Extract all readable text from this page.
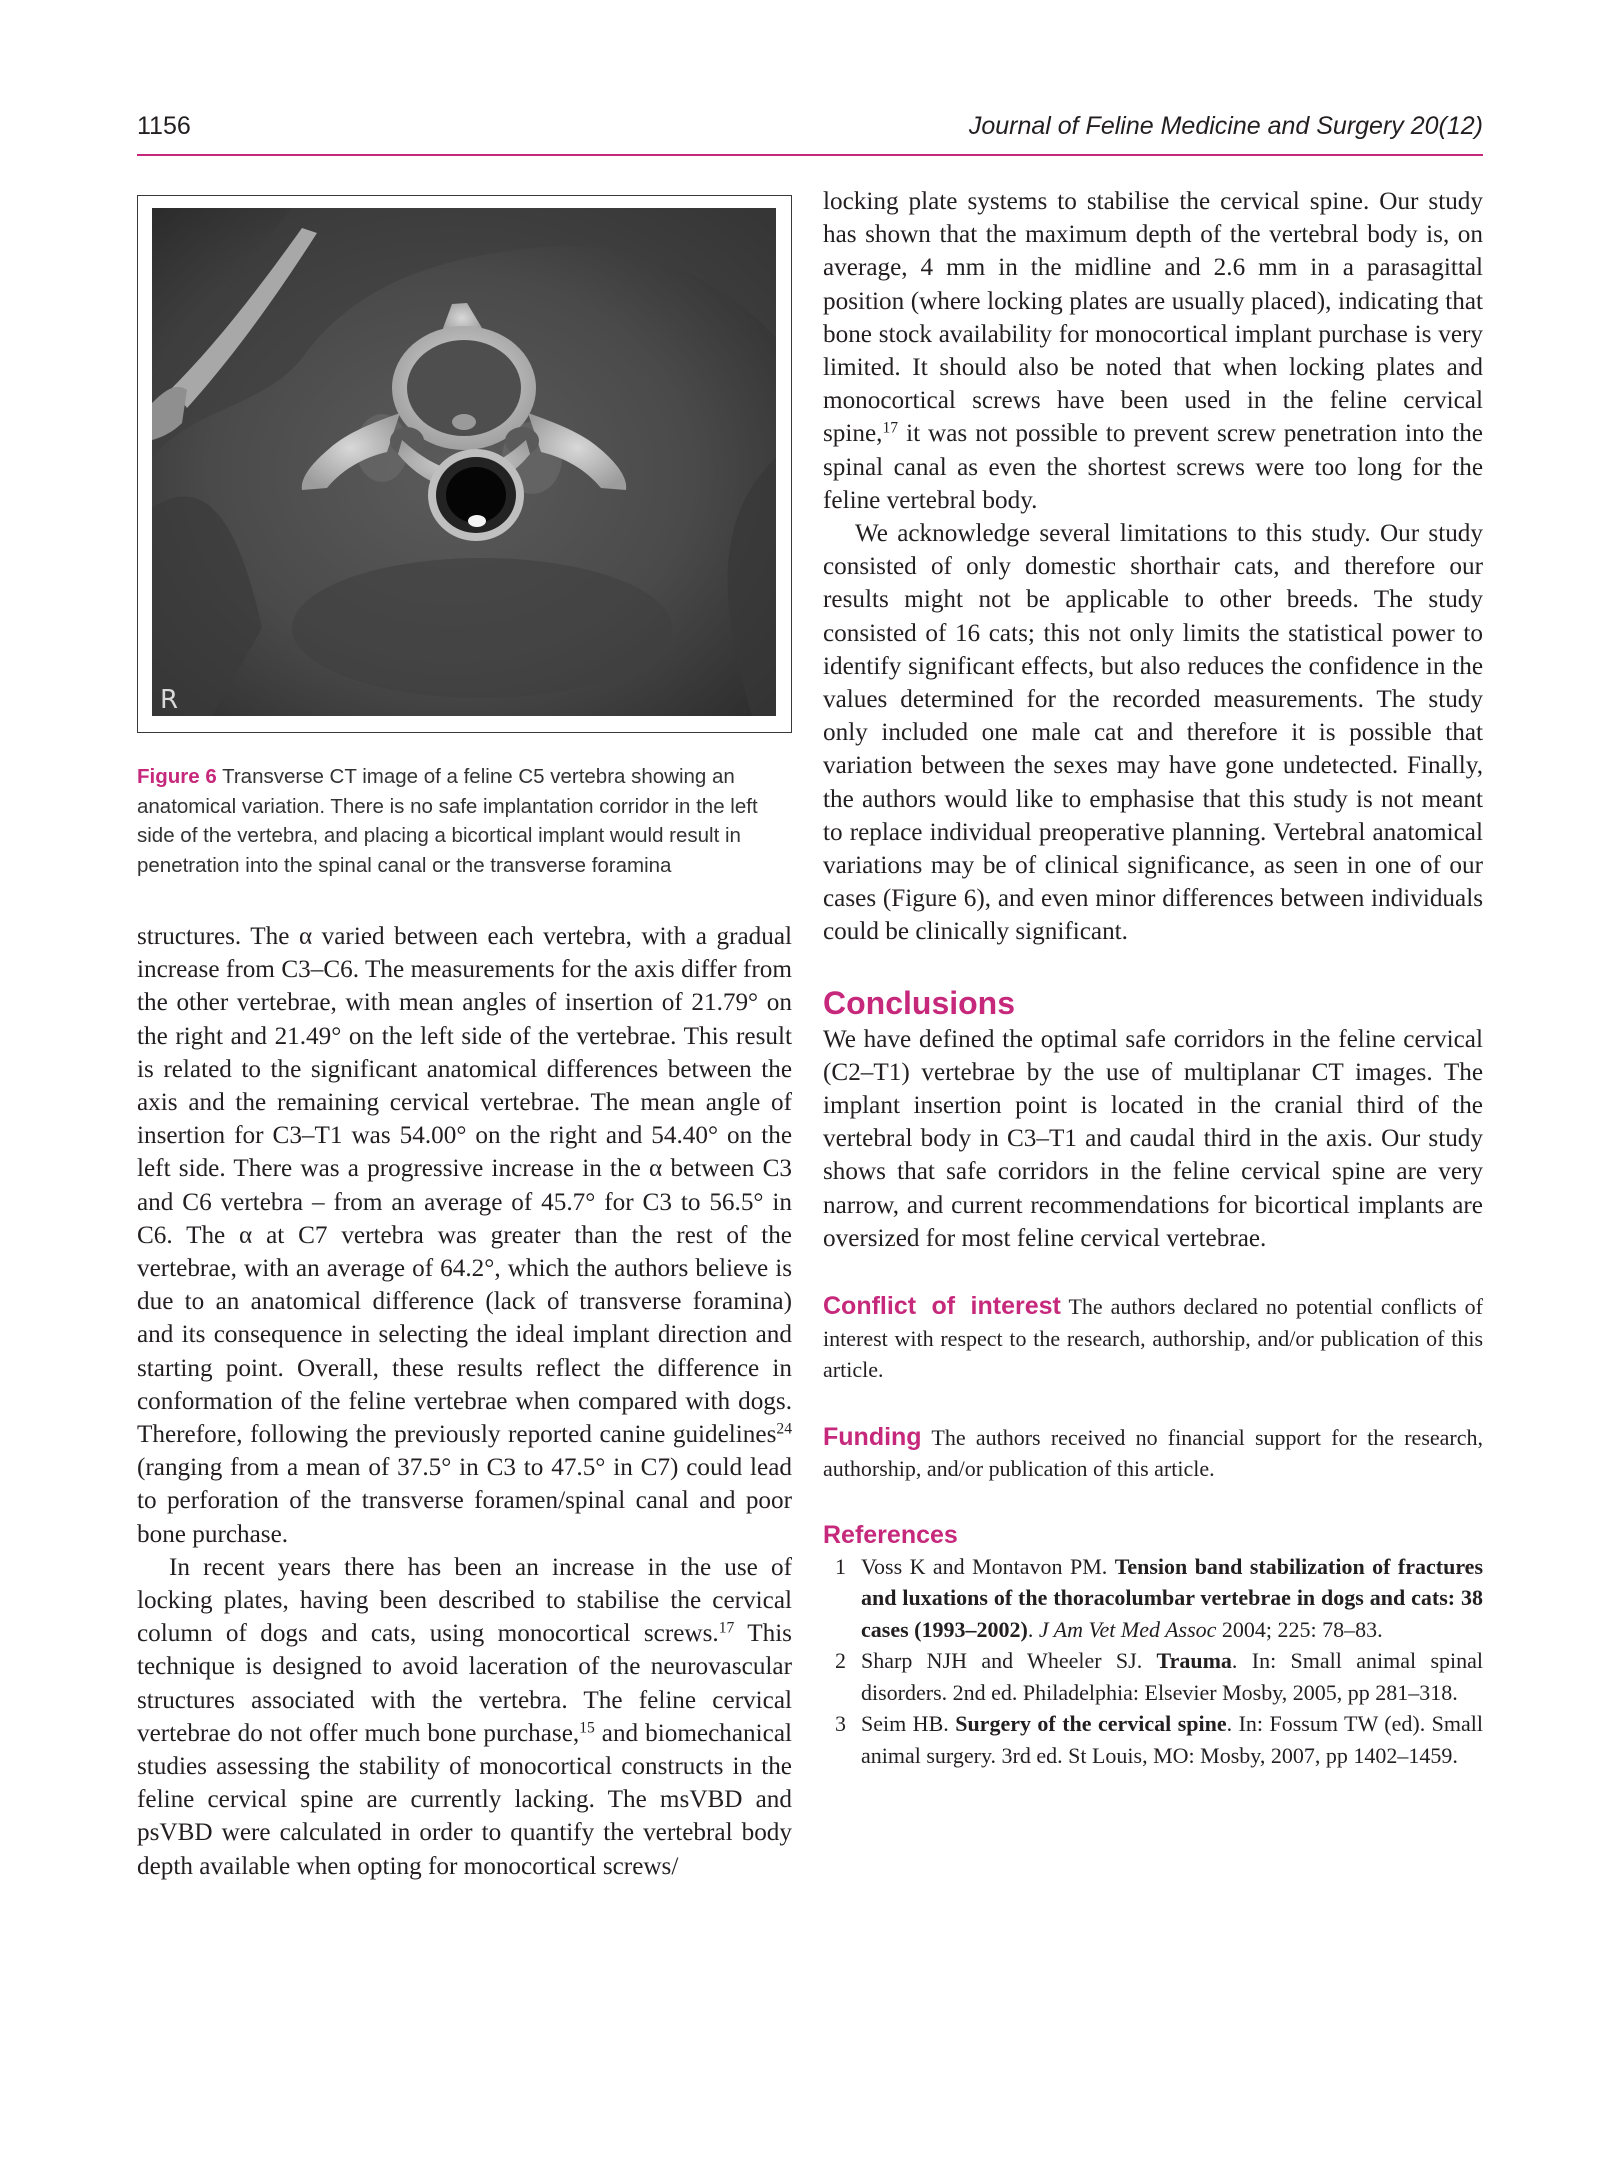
1156	Journal of Feline Medicine and Surgery 20(12)
R

Figure 6 Transverse CT image of a feline C5 vertebra showing an anatomical variation. There is no safe implantation corridor in the left side of the vertebra, and placing a bicortical implant would result in penetration into the spinal canal or the transverse foramina

structures. The α varied between each vertebra, with a gradual increase from C3–C6. The measurements for the axis differ from the other vertebrae, with mean angles of insertion of 21.79° on the right and 21.49° on the left side of the vertebrae. This result is related to the significant anatomical differences between the axis and the remaining cervical vertebrae. The mean angle of insertion for C3–T1 was 54.00° on the right and 54.40° on the left side. There was a progressive increase in the α between C3 and C6 vertebra – from an average of 45.7° for C3 to 56.5° in C6. The α at C7 vertebra was greater than the rest of the vertebrae, with an average of 64.2°, which the authors believe is due to an anatomical difference (lack of transverse foramina) and its consequence in selecting the ideal implant direction and starting point. Overall, these results reflect the difference in conformation of the feline vertebrae when compared with dogs. Therefore, following the previously reported canine guidelines$^{24}$ (ranging from a mean of 37.5° in C3 to 47.5° in C7) could lead to perforation of the transverse foramen/spinal canal and poor bone purchase.

In recent years there has been an increase in the use of locking plates, having been described to stabilise the cervical column of dogs and cats, using monocortical screws.$^{17}$ This technique is designed to avoid laceration of the neurovascular structures associated with the vertebra. The feline cervical vertebrae do not offer much bone purchase,$^{15}$ and biomechanical studies assessing the stability of monocortical constructs in the feline cervical spine are currently lacking. The msVBD and psVBD were calculated in order to quantify the vertebral body depth available when opting for monocortical screws/

locking plate systems to stabilise the cervical spine. Our study has shown that the maximum depth of the vertebral body is, on average, 4 mm in the midline and 2.6 mm in a parasagittal position (where locking plates are usually placed), indicating that bone stock availability for monocortical implant purchase is very limited. It should also be noted that when locking plates and monocortical screws have been used in the feline cervical spine,$^{17}$ it was not possible to prevent screw penetration into the spinal canal as even the shortest screws were too long for the feline vertebral body.

We acknowledge several limitations to this study. Our study consisted of only domestic shorthair cats, and therefore our results might not be applicable to other breeds. The study consisted of 16 cats; this not only limits the statistical power to identify significant effects, but also reduces the confidence in the values determined for the recorded measurements. The study only included one male cat and therefore it is possible that variation between the sexes may have gone undetected. Finally, the authors would like to emphasise that this study is not meant to replace individual preoperative planning. Vertebral anatomical variations may be of clinical significance, as seen in one of our cases (Figure 6), and even minor differences between individuals could be clinically significant.

Conclusions

We have defined the optimal safe corridors in the feline cervical (C2–T1) vertebrae by the use of multiplanar CT images. The implant insertion point is located in the cranial third of the vertebral body in C3–T1 and caudal third in the axis. Our study shows that safe corridors in the feline cervical spine are very narrow, and current recommendations for bicortical implants are oversized for most feline cervical vertebrae.

Conflict of interest The authors declared no potential conflicts of interest with respect to the research, authorship, and/or publication of this article.

Funding The authors received no financial support for the research, authorship, and/or publication of this article.

References
1 Voss K and Montavon PM. Tension band stabilization of fractures and luxations of the thoracolumbar vertebrae in dogs and cats: 38 cases (1993–2002). J Am Vet Med Assoc 2004; 225: 78–83.
2 Sharp NJH and Wheeler SJ. Trauma. In: Small animal spinal disorders. 2nd ed. Philadelphia: Elsevier Mosby, 2005, pp 281–318.
3 Seim HB. Surgery of the cervical spine. In: Fossum TW (ed). Small animal surgery. 3rd ed. St Louis, MO: Mosby, 2007, pp 1402–1459.
